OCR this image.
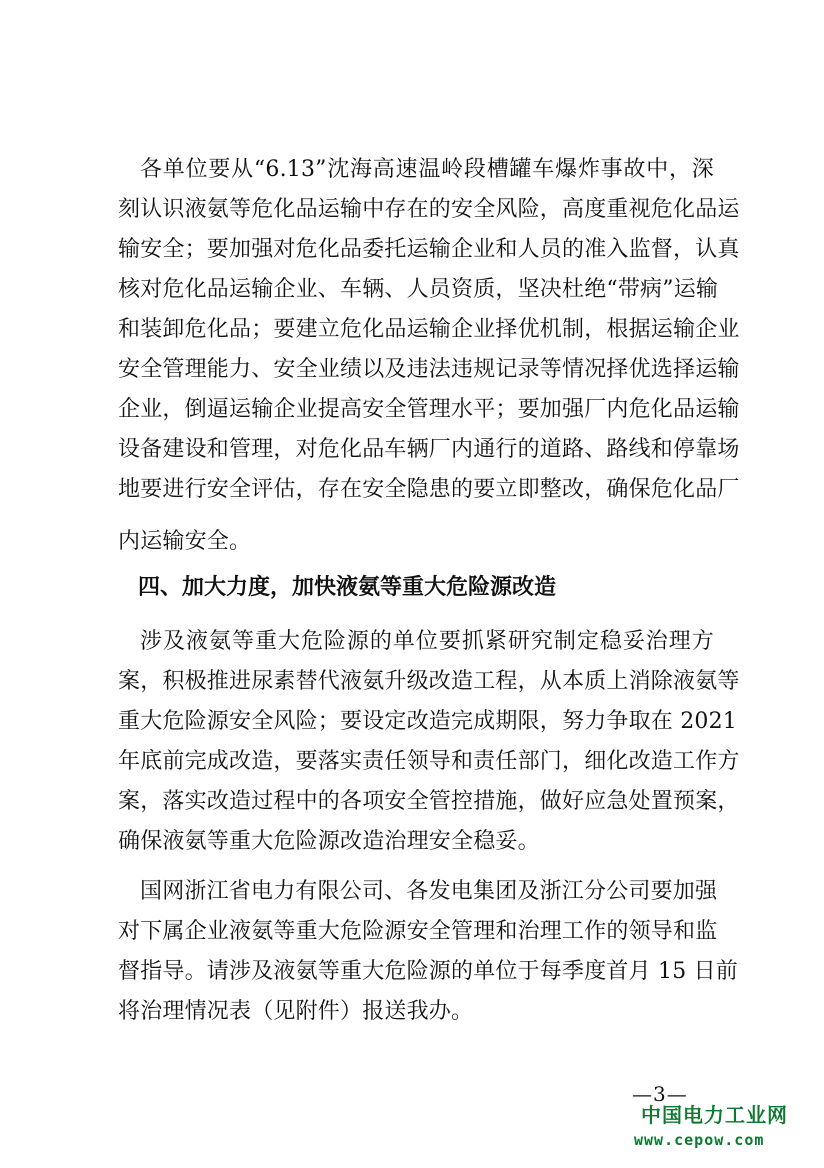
各单位要从“6.13”沈海高速温岭段槽罐车爆炸事故中，深
刻认识液氨等危化品运输中存在的安全风险，高度重视危化品运
输安全；要加强对危化品委托运输企业和人员的准入监督，认真
核对危化品运输企业、车辆、人员资质，坚决杜绝“带病”运输
和装卸危化品；要建立危化品运输企业择优机制，根据运输企业
安全管理能力、安全业绩以及违法违规记录等情况择优选择运输
企业，倒逼运输企业提高安全管理水平；要加强厂内危化品运输
设备建设和管理，对危化品车辆厂内通行的道路、路线和停靠场
地要进行安全评估，存在安全隐患的要立即整改，确保危化品厂
内运输安全。
四、加大力度，加快液氨等重大危险源改造
涉及液氨等重大危险源的单位要抓紧研究制定稳妥治理方
案，积极推进尿素替代液氨升级改造工程，从本质上消除液氨等
重大危险源安全风险；要设定改造完成期限，努力争取在 2021
年底前完成改造，要落实责任领导和责任部门，细化改造工作方
案，落实改造过程中的各项安全管控措施，做好应急处置预案，
确保液氨等重大危险源改造治理安全稳妥。
国网浙江省电力有限公司、各发电集团及浙江分公司要加强
对下属企业液氨等重大危险源安全管理和治理工作的领导和监
督指导。请涉及液氨等重大危险源的单位于每季度首月 15 日前
将治理情况表（见附件）报送我办。
—3—
中国电力工业网
www.cepow.com
